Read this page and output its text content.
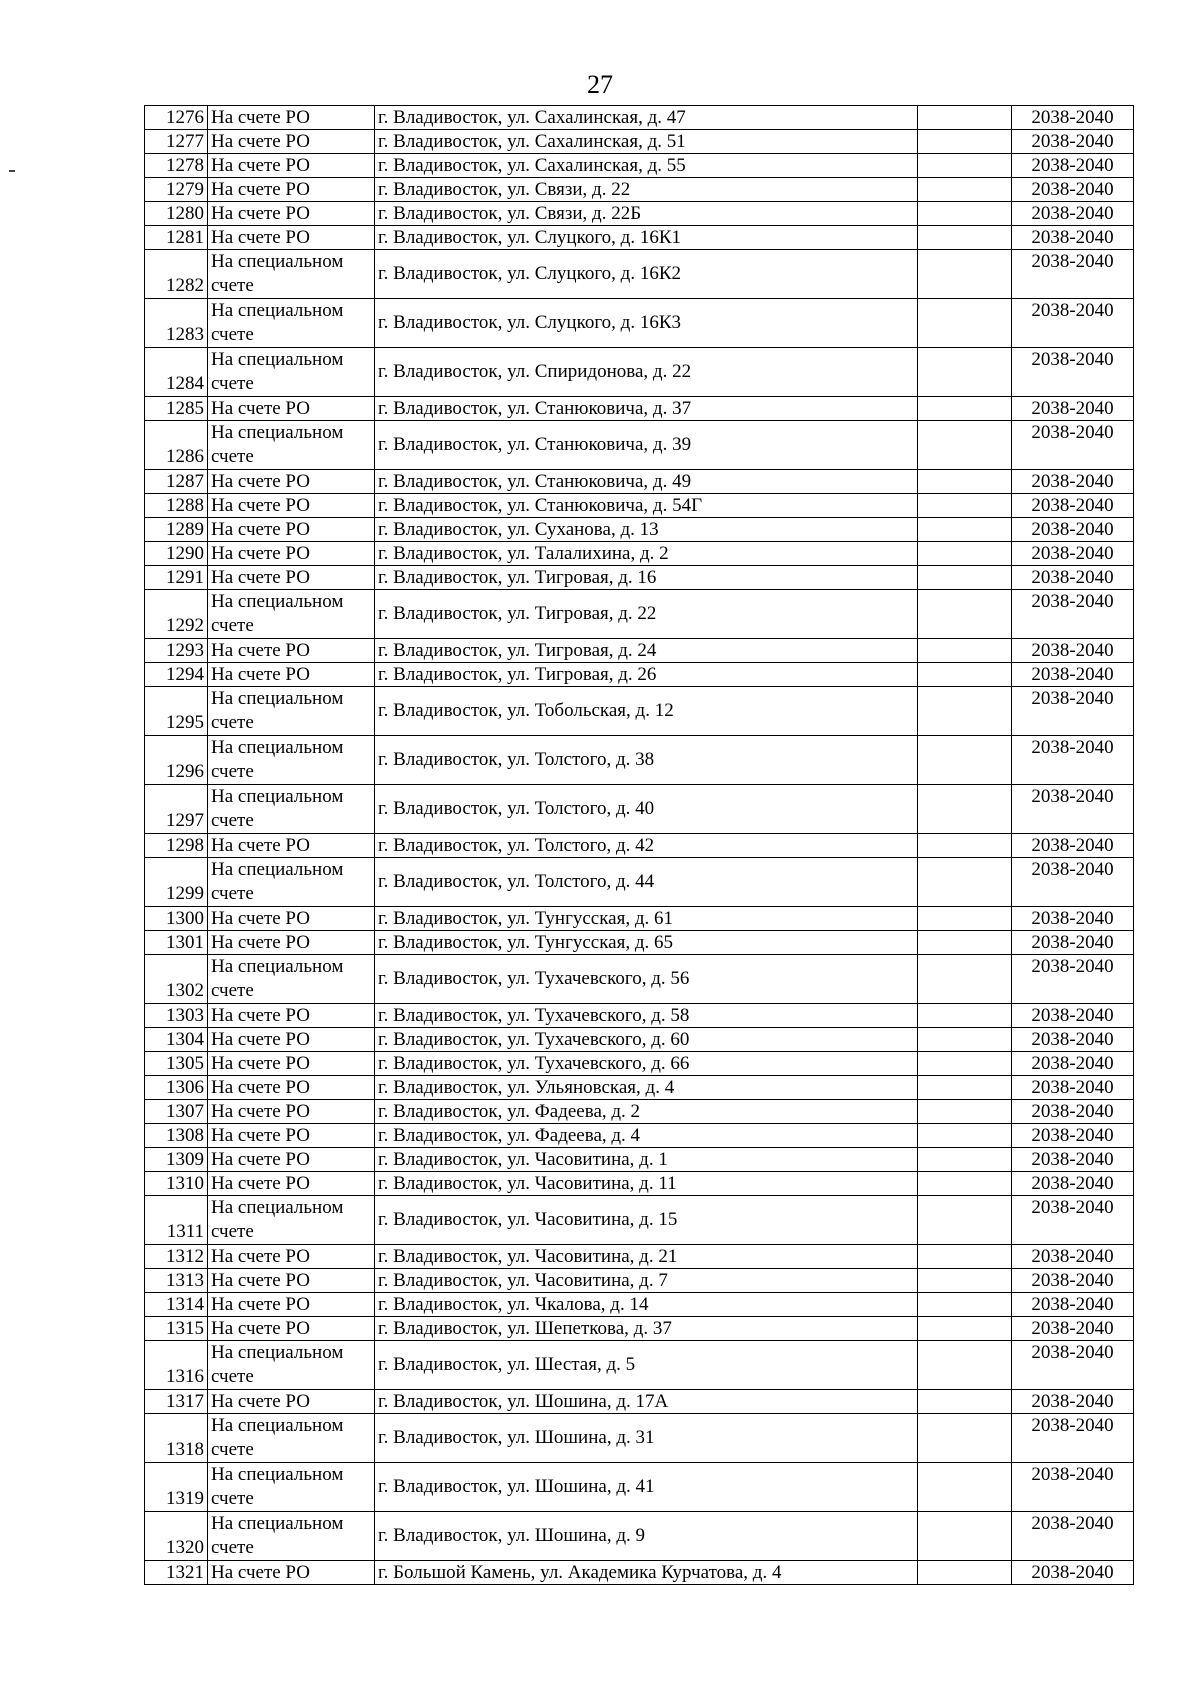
27
1276	На счете РО	г. Владивосток, ул. Сахалинская, д. 47		2038-2040
1277	На счете РО	г. Владивосток, ул. Сахалинская, д. 51		2038-2040
1278	На счете РО	г. Владивосток, ул. Сахалинская, д. 55		2038-2040
1279	На счете РО	г. Владивосток, ул. Связи, д. 22		2038-2040
1280	На счете РО	г. Владивосток, ул. Связи, д. 22Б		2038-2040
1281	На счете РО	г. Владивосток, ул. Слуцкого, д. 16К1		2038-2040
1282	На специальном счете	г. Владивосток, ул. Слуцкого, д. 16К2		2038-2040
1283	На специальном счете	г. Владивосток, ул. Слуцкого, д. 16К3		2038-2040
1284	На специальном счете	г. Владивосток, ул. Спиридонова, д. 22		2038-2040
1285	На счете РО	г. Владивосток, ул. Станюковича, д. 37		2038-2040
1286	На специальном счете	г. Владивосток, ул. Станюковича, д. 39		2038-2040
1287	На счете РО	г. Владивосток, ул. Станюковича, д. 49		2038-2040
1288	На счете РО	г. Владивосток, ул. Станюковича, д. 54Г		2038-2040
1289	На счете РО	г. Владивосток, ул. Суханова, д. 13		2038-2040
1290	На счете РО	г. Владивосток, ул. Талалихина, д. 2		2038-2040
1291	На счете РО	г. Владивосток, ул. Тигровая, д. 16		2038-2040
1292	На специальном счете	г. Владивосток, ул. Тигровая, д. 22		2038-2040
1293	На счете РО	г. Владивосток, ул. Тигровая, д. 24		2038-2040
1294	На счете РО	г. Владивосток, ул. Тигровая, д. 26		2038-2040
1295	На специальном счете	г. Владивосток, ул. Тобольская, д. 12		2038-2040
1296	На специальном счете	г. Владивосток, ул. Толстого, д. 38		2038-2040
1297	На специальном счете	г. Владивосток, ул. Толстого, д. 40		2038-2040
1298	На счете РО	г. Владивосток, ул. Толстого, д. 42		2038-2040
1299	На специальном счете	г. Владивосток, ул. Толстого, д. 44		2038-2040
1300	На счете РО	г. Владивосток, ул. Тунгусская, д. 61		2038-2040
1301	На счете РО	г. Владивосток, ул. Тунгусская, д. 65		2038-2040
1302	На специальном счете	г. Владивосток, ул. Тухачевского, д. 56		2038-2040
1303	На счете РО	г. Владивосток, ул. Тухачевского, д. 58		2038-2040
1304	На счете РО	г. Владивосток, ул. Тухачевского, д. 60		2038-2040
1305	На счете РО	г. Владивосток, ул. Тухачевского, д. 66		2038-2040
1306	На счете РО	г. Владивосток, ул. Ульяновская, д. 4		2038-2040
1307	На счете РО	г. Владивосток, ул. Фадеева, д. 2		2038-2040
1308	На счете РО	г. Владивосток, ул. Фадеева, д. 4		2038-2040
1309	На счете РО	г. Владивосток, ул. Часовитина, д. 1		2038-2040
1310	На счете РО	г. Владивосток, ул. Часовитина, д. 11		2038-2040
1311	На специальном счете	г. Владивосток, ул. Часовитина, д. 15		2038-2040
1312	На счете РО	г. Владивосток, ул. Часовитина, д. 21		2038-2040
1313	На счете РО	г. Владивосток, ул. Часовитина, д. 7		2038-2040
1314	На счете РО	г. Владивосток, ул. Чкалова, д. 14		2038-2040
1315	На счете РО	г. Владивосток, ул. Шепеткова, д. 37		2038-2040
1316	На специальном счете	г. Владивосток, ул. Шестая, д. 5		2038-2040
1317	На счете РО	г. Владивосток, ул. Шошина, д. 17А		2038-2040
1318	На специальном счете	г. Владивосток, ул. Шошина, д. 31		2038-2040
1319	На специальном счете	г. Владивосток, ул. Шошина, д. 41		2038-2040
1320	На специальном счете	г. Владивосток, ул. Шошина, д. 9		2038-2040
1321	На счете РО	г. Большой Камень, ул. Академика Курчатова, д. 4		2038-2040
